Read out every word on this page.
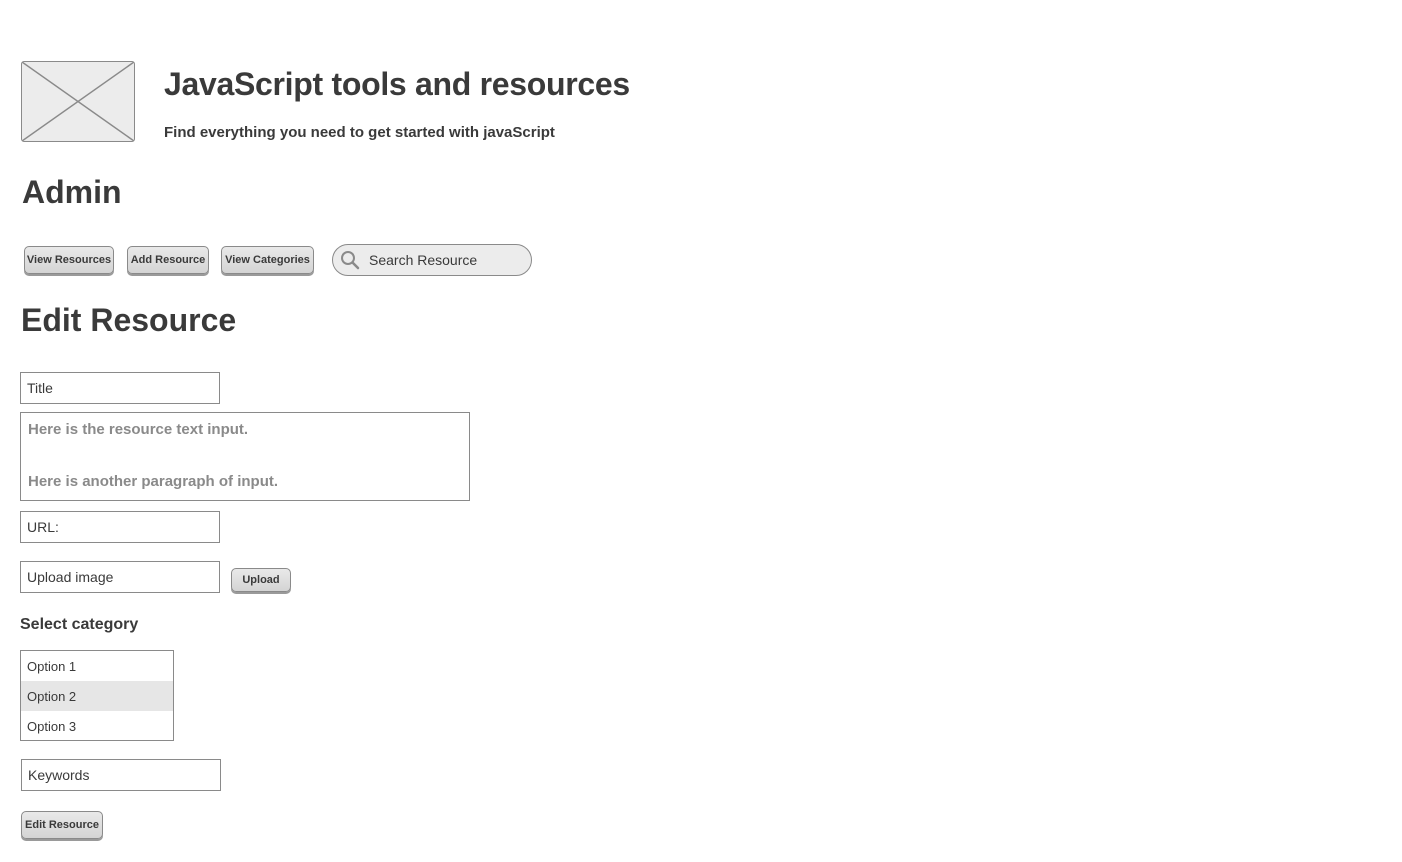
JavaScript tools and resources
Find everything you need to get started with javaScript
Admin
View Resources	Add Resource	View Categories
Search Resource
Edit Resource
Title

Here is the resource text input.

Here is another paragraph of input.

URL:
Upload image
Upload
Select category
Option 1
Option 2
Option 3
Keywords
Edit Resource
